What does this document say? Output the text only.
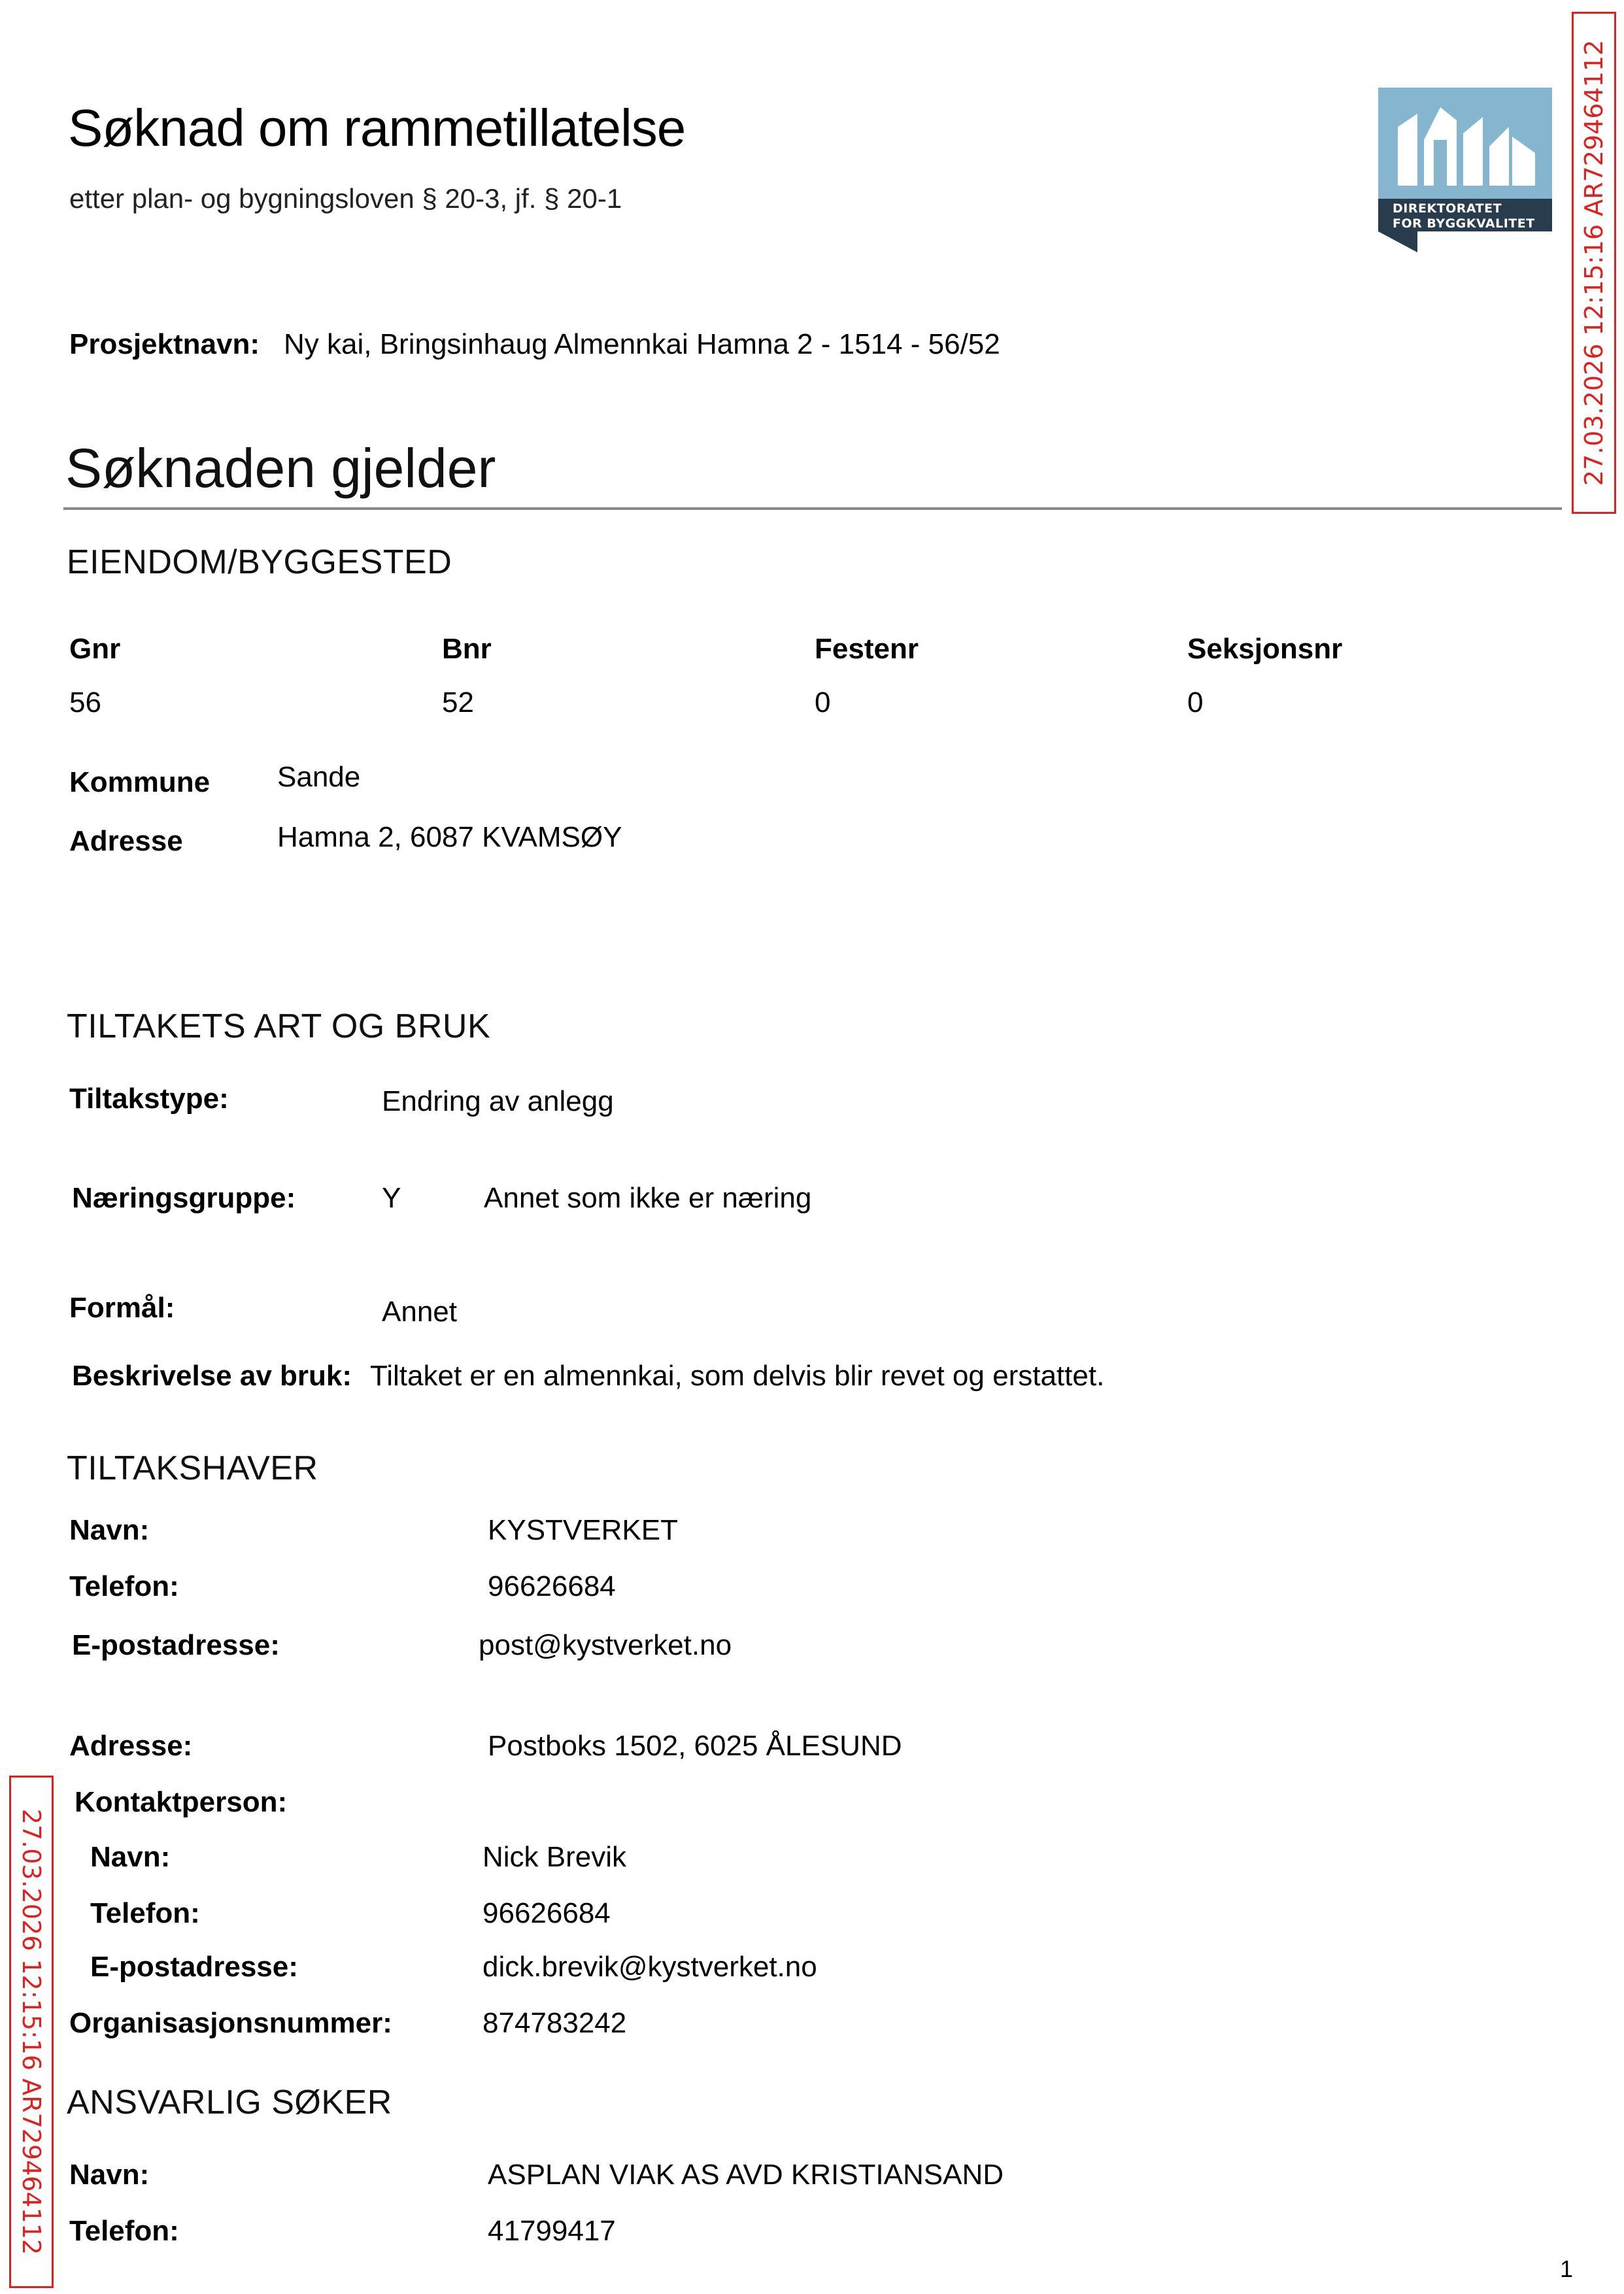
Søknad om rammetillatelse
etter plan- og bygningsloven § 20-3, jf. § 20-1	DIREKTORATET
FOR BYGGKVALITET 27.03.2026 12:15:16 AR729464112
27.03.2026 12:15:16 AR729464112
Prosjektnavn: Ny kai, Bringsinhaug Almennkai Hamna 2 - 1514 - 56/52
Søknaden gjelder
EIENDOM/BYGGESTED
Gnr	Bnr	Festenr	Seksjonsnr
56	52	0	0
Kommune Sande
Adresse	Hamna 2, 6087 KVAMSØY
TILTAKETS ART OG BRUK
Tiltakstype:	Endring av anlegg
Næringsgruppe:	Y	Annet som ikke er næring
Formål:	Annet
Beskrivelse av bruk: Tiltaket er en almennkai, som delvis blir revet og erstattet.
TILTAKSHAVER
Navn:	KYSTVERKET
Telefon:	96626684
E-postadresse:	post@kystverket.no
Adresse:	Postboks 1502, 6025 ÅLESUND
Kontaktperson:
Navn:	Nick Brevik
Telefon:	96626684
E-postadresse:	dick.brevik@kystverket.no
Organisasjonsnummer:	874783242
ANSVARLIG SØKER
Navn:	ASPLAN VIAK AS AVD KRISTIANSAND
Telefon:	41799417
1
